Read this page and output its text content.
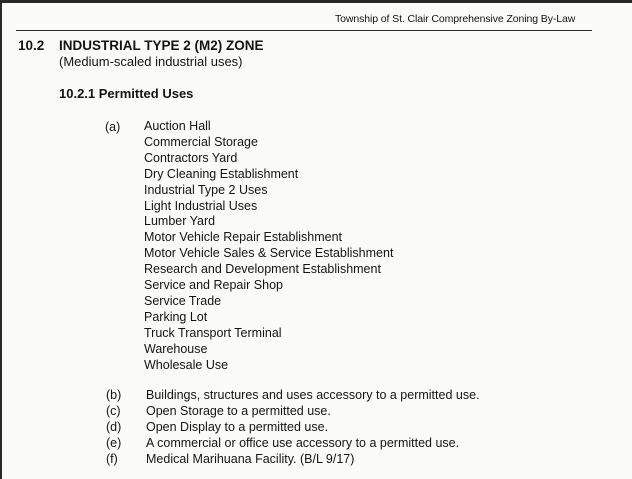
Township of St. Clair Comprehensive Zoning By-Law
10.2 INDUSTRIAL TYPE 2 (M2) ZONE
(Medium-scaled industrial uses)
10.2.1 Permitted Uses
(a) Auction Hall
Commercial Storage
Contractors Yard
Dry Cleaning Establishment
Industrial Type 2 Uses
Light Industrial Uses
Lumber Yard
Motor Vehicle Repair Establishment
Motor Vehicle Sales & Service Establishment
Research and Development Establishment
Service and Repair Shop
Service Trade
Parking Lot
Truck Transport Terminal
Warehouse
Wholesale Use
(b) Buildings, structures and uses accessory to a permitted use.
(c) Open Storage to a permitted use.
(d) Open Display to a permitted use.
(e) A commercial or office use accessory to a permitted use.
(f) Medical Marihuana Facility. (B/L 9/17)
